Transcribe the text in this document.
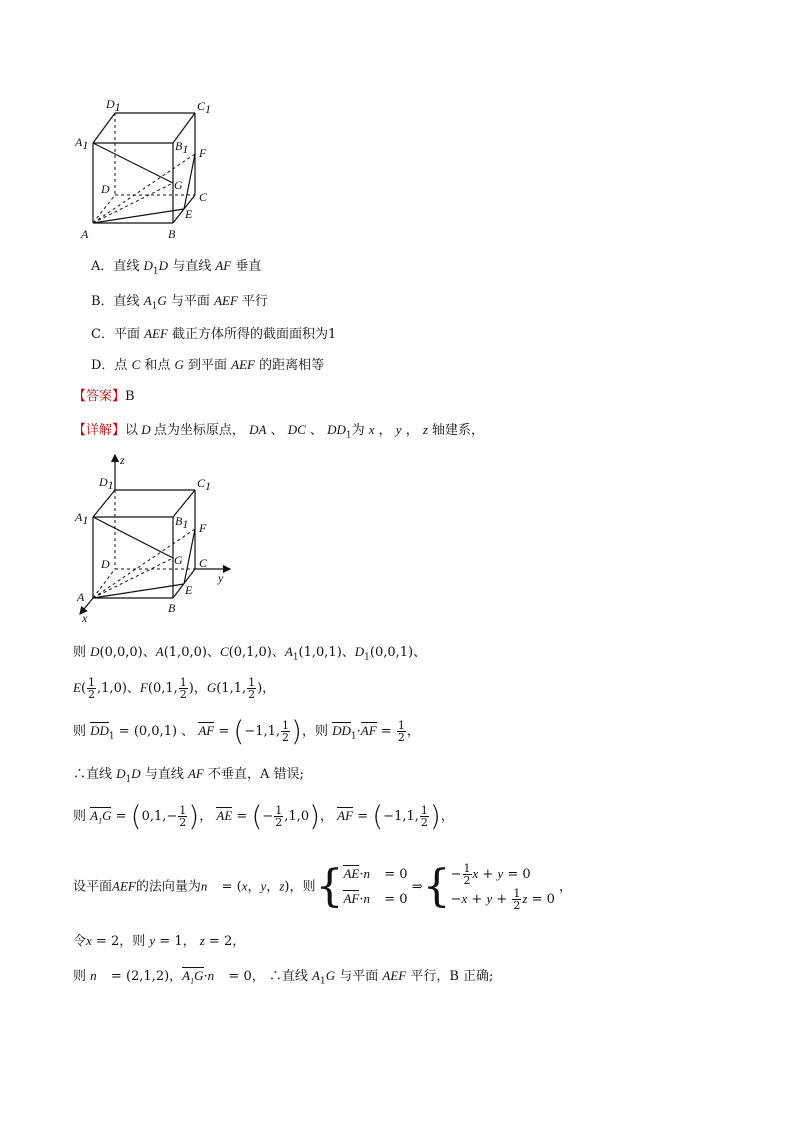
D1	C1
A1	B1 F
D	G
C
E
A	B
A．直线 $D_1D$ 与直线 AF 垂直
B．直线 $A_1G$ 与平面 AEF 平行
C．平面 AEF 截正方体所得的截面面积为1
D．点 C 和点 G 到平面 AEF 的距离相等
【答案】B
【详解】以 D 点为坐标原点， DA 、 DC 、 $DD_1$为 x ， y ， z 轴建系，
z
y
x
D1	C1
A1	B1 F
D	G C
E
A
B
则 D(0,0,0)、A(1,0,0)、C(0,1,0)、$A_1(1,0,1)$、$D_1(0,0,1)$、
$E( \frac{1}{2} ,1,0)$、F(0,1, $\frac{1}{2}$ )，G(1,1, $\frac{1}{2}$ )，
则 $DD_1 = (0,0,1)$ 、 AF = (−1,1, $\frac{1}{2}$ )，则 $DD_1\cdot AF = \frac{1}{2}$ ，
∴直线 $D_1D$ 与直线 AF 不垂直，A 错误;
则 $A_1G = (0,1,- \frac{1}{2}$ )， AE = (− $\frac{1}{2} ,1,0$)， AF = (−1,1, $\frac{1}{2}$ )，
设平面AEF的法向量为n⃗ = (x，y，z)，则{ AE·n⃗ = 0
AF·n⃗ = 0
⇒{ − $\frac{1}{2}$ x + y = 0
$-x + y + \frac{1}{2}$ z = 0
，
令x = 2，则 y = 1， z = 2，
则 n⃗ = (2,1,2)，$A_1G\cdot n⃗ = 0$， ∴直线 $A_1G$ 与平面 AEF 平行，B 正确;
